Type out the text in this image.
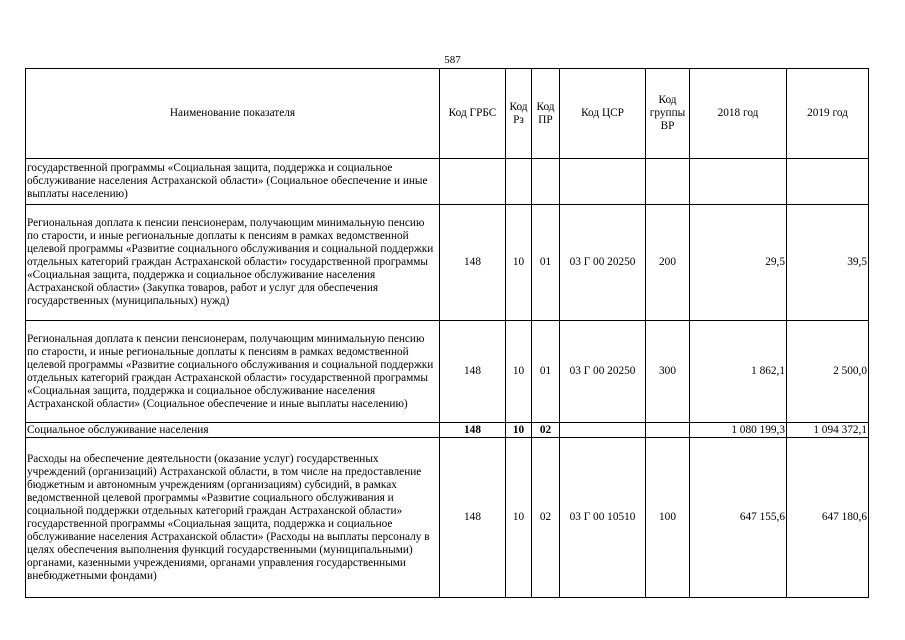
587
Наименование показателя	Код ГРБС	Код Рз	Код ПР	Код ЦСР	Код группы ВР	2018 год	2019 год
государственной программы «Социальная защита, поддержка и социальное обслуживание населения Астраханской области» (Социальное обеспечение и иные выплаты населению)							
Региональная доплата к пенсии пенсионерам, получающим минимальную пенсию по старости, и иные региональные доплаты к пенсиям в рамках ведомственной целевой программы «Развитие социального обслуживания и социальной поддержки отдельных категорий граждан Астраханской области» государственной программы «Социальная защита, поддержка и социальное обслуживание населения Астраханской области» (Закупка товаров, работ и услуг для обеспечения государственных (муниципальных) нужд)	148	10	01	03 Г 00 20250	200	29,5	39,5
Региональная доплата к пенсии пенсионерам, получающим минимальную пенсию по старости, и иные региональные доплаты к пенсиям в рамках ведомственной целевой программы «Развитие социального обслуживания и социальной поддержки отдельных категорий граждан Астраханской области» государственной программы «Социальная защита, поддержка и социальное обслуживание населения Астраханской области» (Социальное обеспечение и иные выплаты населению)	148	10	01	03 Г 00 20250	300	1 862,1	2 500,0
Социальное обслуживание населения	148	10	02			1 080 199,3	1 094 372,1
Расходы на обеспечение деятельности (оказание услуг) государственных учреждений (организаций) Астраханской области, в том числе на предоставление бюджетным и автономным учреждениям (организациям) субсидий, в рамках ведомственной целевой программы «Развитие социального обслуживания и социальной поддержки отдельных категорий граждан Астраханской области» государственной программы «Социальная защита, поддержка и социальное обслуживание населения Астраханской области» (Расходы на выплаты персоналу в целях обеспечения выполнения функций государственными (муниципальными) органами, казенными учреждениями, органами управления государственными внебюджетными фондами)	148	10	02	03 Г 00 10510	100	647 155,6	647 180,6
